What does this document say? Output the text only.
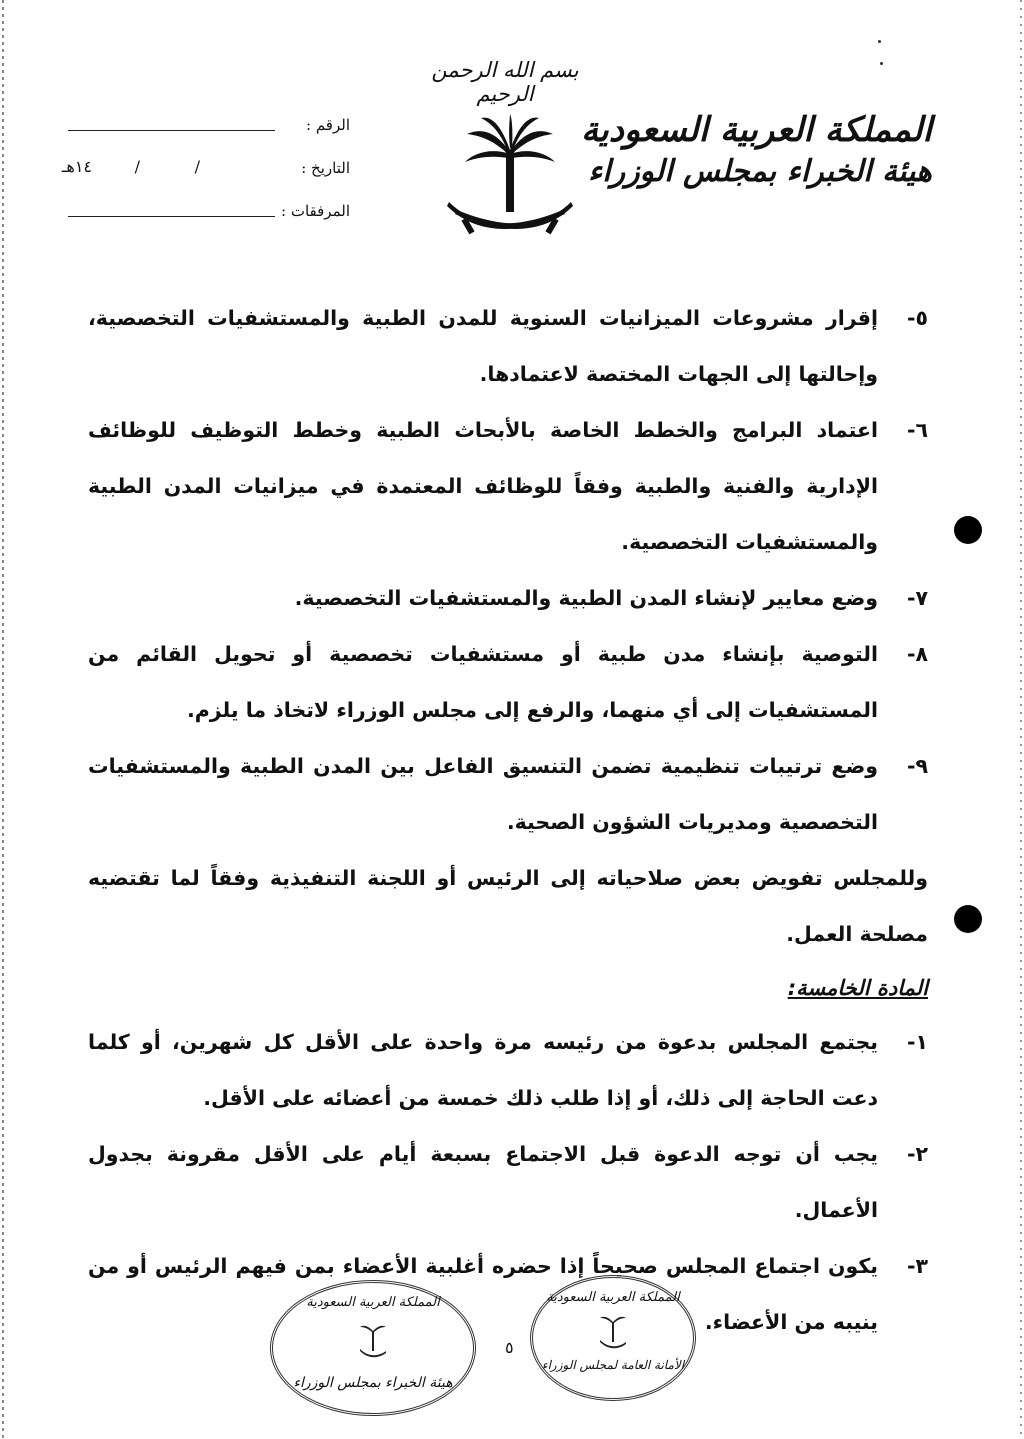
بسم الله الرحمن الرحيم
المملكة العربية السعودية
هيئة الخبراء بمجلس الوزراء
الرقم :
التاريخ :
/
/
١٤هـ
المرفقات :
٥-
إقرار مشروعات الميزانيات السنوية للمدن الطبية والمستشفيات التخصصية، وإحالتها إلى الجهات المختصة لاعتمادها.
٦-
اعتماد البرامج والخطط الخاصة بالأبحاث الطبية وخطط التوظيف للوظائف الإدارية والفنية والطبية وفقاً للوظائف المعتمدة في ميزانيات المدن الطبية والمستشفيات التخصصية.
٧-
وضع معايير لإنشاء المدن الطبية والمستشفيات التخصصية.
٨-
التوصية بإنشاء مدن طبية أو مستشفيات تخصصية أو تحويل القائم من المستشفيات إلى أي منهما، والرفع إلى مجلس الوزراء لاتخاذ ما يلزم.
٩-
وضع ترتيبات تنظيمية تضمن التنسيق الفاعل بين المدن الطبية والمستشفيات التخصصية ومديريات الشؤون الصحية.
وللمجلس تفويض بعض صلاحياته إلى الرئيس أو اللجنة التنفيذية وفقاً لما تقتضيه مصلحة العمل.
المادة الخامسة:
١-
يجتمع المجلس بدعوة من رئيسه مرة واحدة على الأقل كل شهرين، أو كلما دعت الحاجة إلى ذلك، أو إذا طلب ذلك خمسة من أعضائه على الأقل.
٢-
يجب أن توجه الدعوة قبل الاجتماع بسبعة أيام على الأقل مقرونة بجدول الأعمال.
٣-
يكون اجتماع المجلس صحيحاً إذا حضره أغلبية الأعضاء بمن فيهم الرئيس أو من ينيبه من الأعضاء.
المملكة العربية السعودية
هيئة الخبراء بمجلس الوزراء
المملكة العربية السعودية
الأمانة العامة لمجلس الوزراء
٥
